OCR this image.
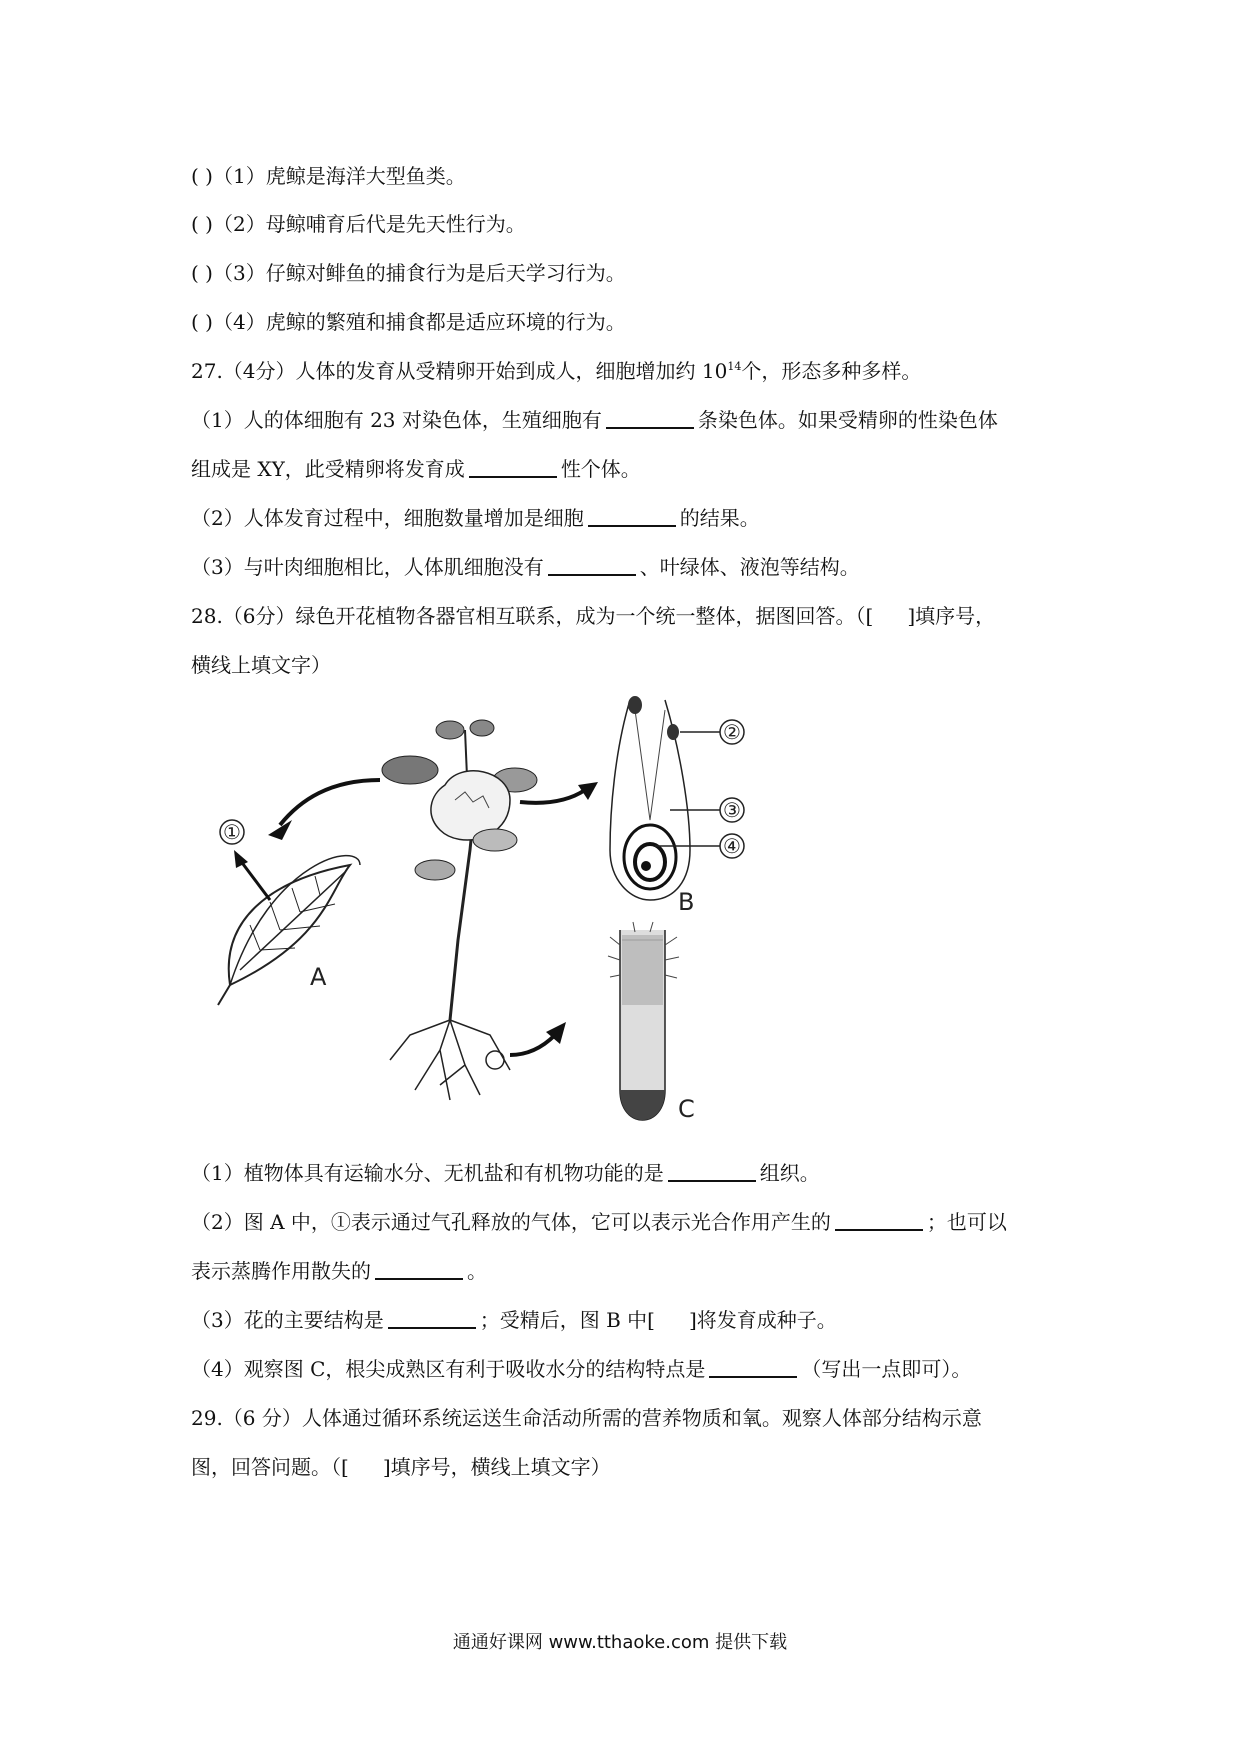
( )（1）虎鲸是海洋大型鱼类。
( )（2）母鲸哺育后代是先天性行为。
( )（3）仔鲸对鲱鱼的捕食行为是后天学习行为。
( )（4）虎鲸的繁殖和捕食都是适应环境的行为。
27.（4分）人体的发育从受精卵开始到成人，细胞增加约 $10^{14}$个，形态多种多样。
（1）人的体细胞有 23 对染色体，生殖细胞有	条染色体。如果受精卵的性染色体
组成是 XY，此受精卵将发育成	性个体。
（2）人体发育过程中，细胞数量增加是细胞	的结果。
（3）与叶肉细胞相比，人体肌细胞没有	、叶绿体、液泡等结构。
28.（6分）绿色开花植物各器官相互联系，成为一个统一整体，据图回答。（[ ]填序号，
横线上填文字）
①
A
②
③
④
B
C
（1）植物体具有运输水分、无机盐和有机物功能的是	组织。
（2）图 A 中，①表示通过气孔释放的气体，它可以表示光合作用产生的	；也可以
表示蒸腾作用散失的	。
（3）花的主要结构是	；受精后，图 B 中[ ]将发育成种子。
（4）观察图 C，根尖成熟区有利于吸收水分的结构特点是	（写出一点即可）。
29.（6 分）人体通过循环系统运送生命活动所需的营养物质和氧。观察人体部分结构示意
图，回答问题。（[ ]填序号，横线上填文字）
通通好课网 www.tthaoke.com 提供下载
